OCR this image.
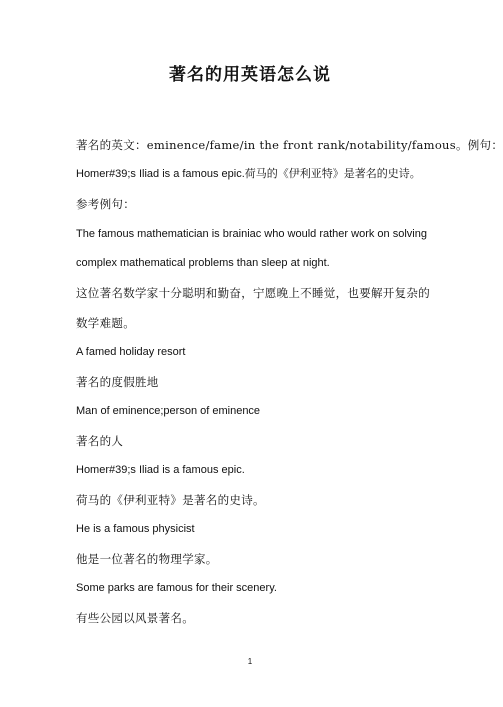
著名的用英语怎么说
著名的英文：eminence/fame/in the front rank/notability/famous。例句：
Homer#39;s Iliad is a famous epic.荷马的《伊利亚特》是著名的史诗。
参考例句：
The famous mathematician is brainiac who would rather work on solving
complex mathematical problems than sleep at night.
这位著名数学家十分聪明和勤奋，宁愿晚上不睡觉，也要解开复杂的
数学难题。
A famed holiday resort
著名的度假胜地
Man of eminence;person of eminence
著名的人
Homer#39;s Iliad is a famous epic.
荷马的《伊利亚特》是著名的史诗。
He is a famous physicist
他是一位著名的物理学家。
Some parks are famous for their scenery.
有些公园以风景著名。
1
